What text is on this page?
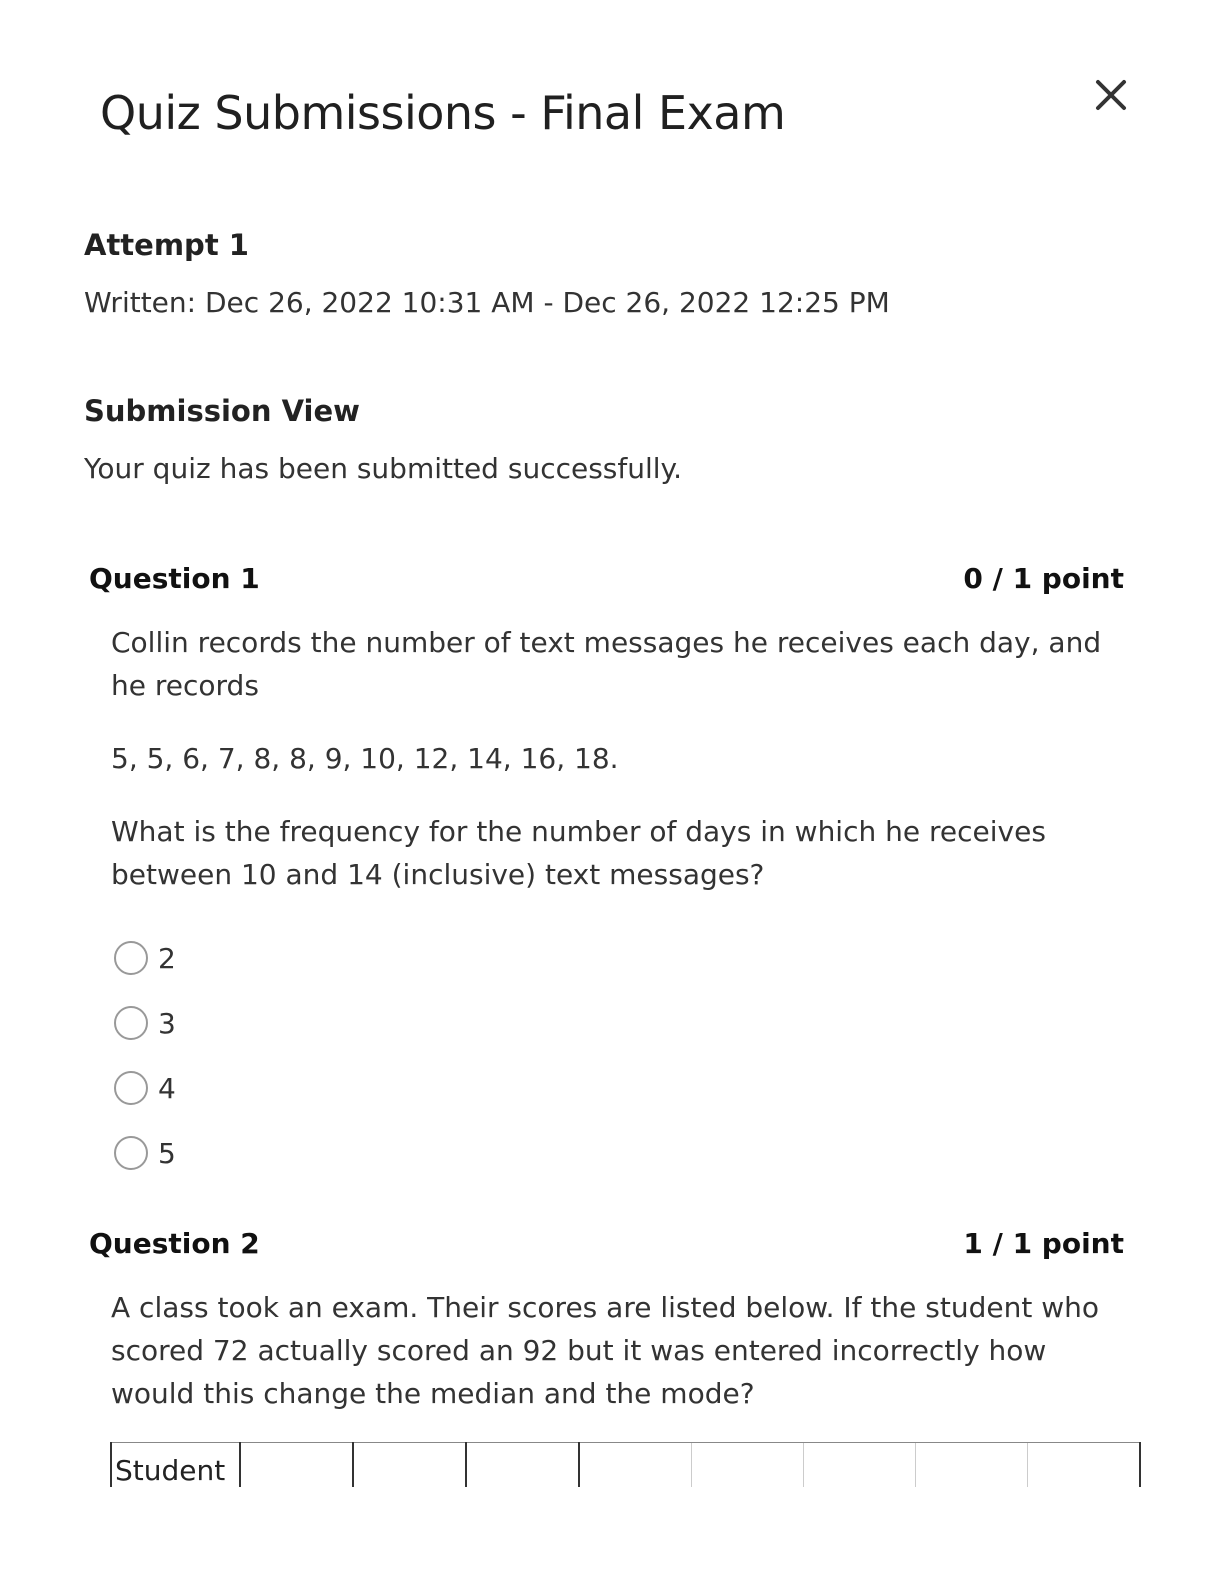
Quiz Submissions - Final Exam
Attempt 1
Written: Dec 26, 2022 10:31 AM - Dec 26, 2022 12:25 PM
Submission View
Your quiz has been submitted successfully.
Question 1	0 / 1 point
Collin records the number of text messages he receives each day, and he records
5, 5, 6, 7, 8, 8, 9, 10, 12, 14, 16, 18.
What is the frequency for the number of days in which he receives between 10 and 14 (inclusive) text messages?
2
3
4
5
Question 2	1 / 1 point
A class took an exam. Their scores are listed below. If the student who scored 72 actually scored an 92 but it was entered incorrectly how would this change the median and the mode?
Student								
